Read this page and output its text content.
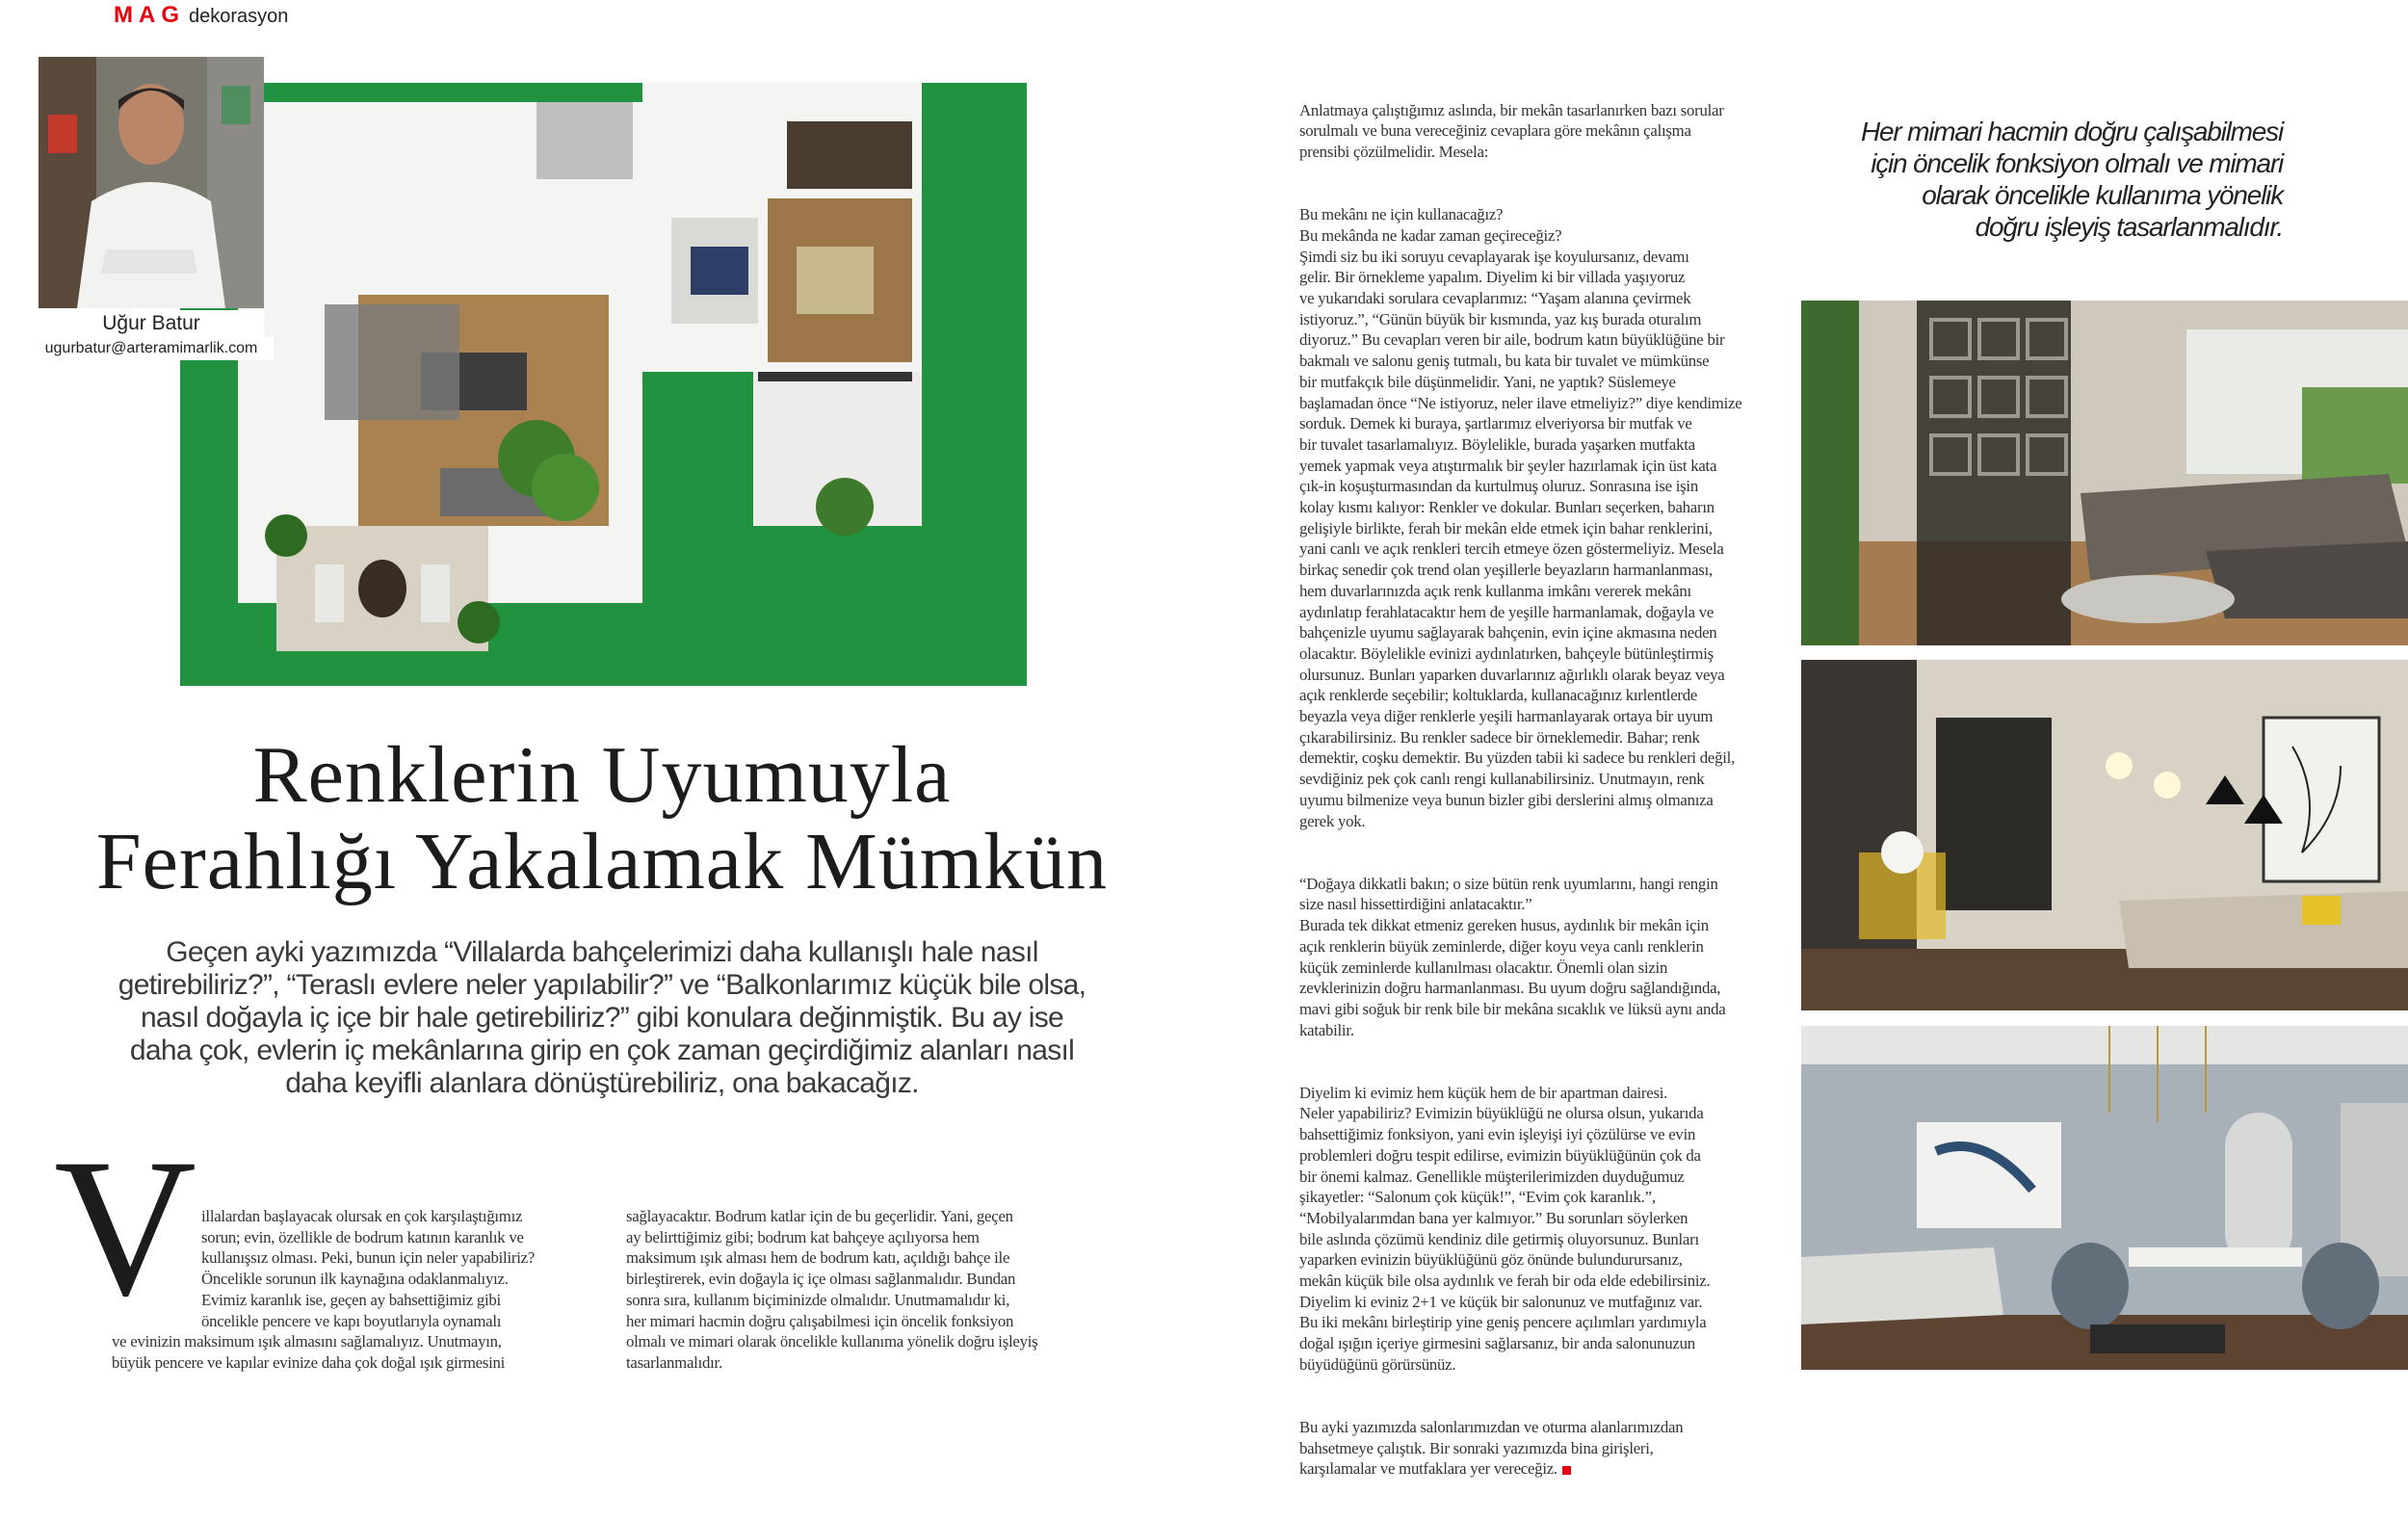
MAG dekorasyon
Uğur Batur
ugurbatur@arteramimarlik.com
Renklerin Uyumuyla
Ferahlığı Yakalamak Mümkün
Geçen ayki yazımızda “Villalarda bahçelerimizi daha kullanışlı hale nasıl
getirebiliriz?”, “Teraslı evlere neler yapılabilir?” ve “Balkonlarımız küçük bile olsa,
nasıl doğayla iç içe bir hale getirebiliriz?” gibi konulara değinmiştik. Bu ay ise
daha çok, evlerin iç mekânlarına girip en çok zaman geçirdiğimiz alanları nasıl
daha keyifli alanlara dönüştürebiliriz, ona bakacağız.
V illalardan başlayacak olursak en çok karşılaştığımız
sorun; evin, özellikle de bodrum katının karanlık ve
kullanışsız olması. Peki, bunun için neler yapabiliriz?
Öncelikle sorunun ilk kaynağına odaklanmalıyız.
Evimiz karanlık ise, geçen ay bahsettiğimiz gibi
öncelikle pencere ve kapı boyutlarıyla oynamalı
ve evinizin maksimum ışık almasını sağlamalıyız. Unutmayın,
büyük pencere ve kapılar evinize daha çok doğal ışık girmesini
sağlayacaktır. Bodrum katlar için de bu geçerlidir. Yani, geçen
ay belirttiğimiz gibi; bodrum kat bahçeye açılıyorsa hem
maksimum ışık alması hem de bodrum katı, açıldığı bahçe ile
birleştirerek, evin doğayla iç içe olması sağlanmalıdır. Bundan
sonra sıra, kullanım biçiminizde olmalıdır. Unutmamalıdır ki,
her mimari hacmin doğru çalışabilmesi için öncelik fonksiyon
olmalı ve mimari olarak öncelikle kullanıma yönelik doğru işleyiş
tasarlanmalıdır.

Anlatmaya çalıştığımız aslında, bir mekân tasarlanırken bazı sorular
sorulmalı ve buna vereceğiniz cevaplara göre mekânın çalışma
prensibi çözülmelidir. Mesela:

Bu mekânı ne için kullanacağız?
Bu mekânda ne kadar zaman geçireceğiz?
Şimdi siz bu iki soruyu cevaplayarak işe koyulursanız, devamı
gelir. Bir örnekleme yapalım. Diyelim ki bir villada yaşıyoruz
ve yukarıdaki sorulara cevaplarımız: “Yaşam alanına çevirmek
istiyoruz.”, “Günün büyük bir kısmında, yaz kış burada oturalım
diyoruz.” Bu cevapları veren bir aile, bodrum katın büyüklüğüne bir
bakmalı ve salonu geniş tutmalı, bu kata bir tuvalet ve mümkünse
bir mutfakçık bile düşünmelidir. Yani, ne yaptık? Süslemeye
başlamadan önce “Ne istiyoruz, neler ilave etmeliyiz?” diye kendimize
sorduk. Demek ki buraya, şartlarımız elveriyorsa bir mutfak ve
bir tuvalet tasarlamalıyız. Böylelikle, burada yaşarken mutfakta
yemek yapmak veya atıştırmalık bir şeyler hazırlamak için üst kata
çık-in koşuşturmasından da kurtulmuş oluruz. Sonrasına ise işin
kolay kısmı kalıyor: Renkler ve dokular. Bunları seçerken, baharın
gelişiyle birlikte, ferah bir mekân elde etmek için bahar renklerini,
yani canlı ve açık renkleri tercih etmeye özen göstermeliyiz. Mesela
birkaç senedir çok trend olan yeşillerle beyazların harmanlanması,
hem duvarlarınızda açık renk kullanma imkânı vererek mekânı
aydınlatıp ferahlatacaktır hem de yeşille harmanlamak, doğayla ve
bahçenizle uyumu sağlayarak bahçenin, evin içine akmasına neden
olacaktır. Böylelikle evinizi aydınlatırken, bahçeyle bütünleştirmiş
olursunuz. Bunları yaparken duvarlarınız ağırlıklı olarak beyaz veya
açık renklerde seçebilir; koltuklarda, kullanacağınız kırlentlerde
beyazla veya diğer renklerle yeşili harmanlayarak ortaya bir uyum
çıkarabilirsiniz. Bu renkler sadece bir örneklemedir. Bahar; renk
demektir, coşku demektir. Bu yüzden tabii ki sadece bu renkleri değil,
sevdiğiniz pek çok canlı rengi kullanabilirsiniz. Unutmayın, renk
uyumu bilmenize veya bunun bizler gibi derslerini almış olmanıza
gerek yok.

“Doğaya dikkatli bakın; o size bütün renk uyumlarını, hangi rengin
size nasıl hissettirdiğini anlatacaktır.”
Burada tek dikkat etmeniz gereken husus, aydınlık bir mekân için
açık renklerin büyük zeminlerde, diğer koyu veya canlı renklerin
küçük zeminlerde kullanılması olacaktır. Önemli olan sizin
zevklerinizin doğru harmanlanması. Bu uyum doğru sağlandığında,
mavi gibi soğuk bir renk bile bir mekâna sıcaklık ve lüksü aynı anda
katabilir.

Diyelim ki evimiz hem küçük hem de bir apartman dairesi.
Neler yapabiliriz? Evimizin büyüklüğü ne olursa olsun, yukarıda
bahsettiğimiz fonksiyon, yani evin işleyişi iyi çözülürse ve evin
problemleri doğru tespit edilirse, evimizin büyüklüğünün çok da
bir önemi kalmaz. Genellikle müşterilerimizden duyduğumuz
şikayetler: “Salonum çok küçük!”, “Evim çok karanlık.”,
“Mobilyalarımdan bana yer kalmıyor.” Bu sorunları söylerken
bile aslında çözümü kendiniz dile getirmiş oluyorsunuz. Bunları
yaparken evinizin büyüklüğünü göz önünde bulundurursanız,
mekân küçük bile olsa aydınlık ve ferah bir oda elde edebilirsiniz.
Diyelim ki eviniz 2+1 ve küçük bir salonunuz ve mutfağınız var.
Bu iki mekânı birleştirip yine geniş pencere açılımları yardımıyla
doğal ışığın içeriye girmesini sağlarsanız, bir anda salonunuzun
büyüdüğünü görürsünüz.

Bu ayki yazımızda salonlarımızdan ve oturma alanlarımızdan
bahsetmeye çalıştık. Bir sonraki yazımızda bina girişleri,
karşılamalar ve mutfaklara yer vereceğiz.

Her mimari hacmin doğru çalışabilmesi
için öncelik fonksiyon olmalı ve mimari
olarak öncelikle kullanıma yönelik
doğru işleyiş tasarlanmalıdır.
